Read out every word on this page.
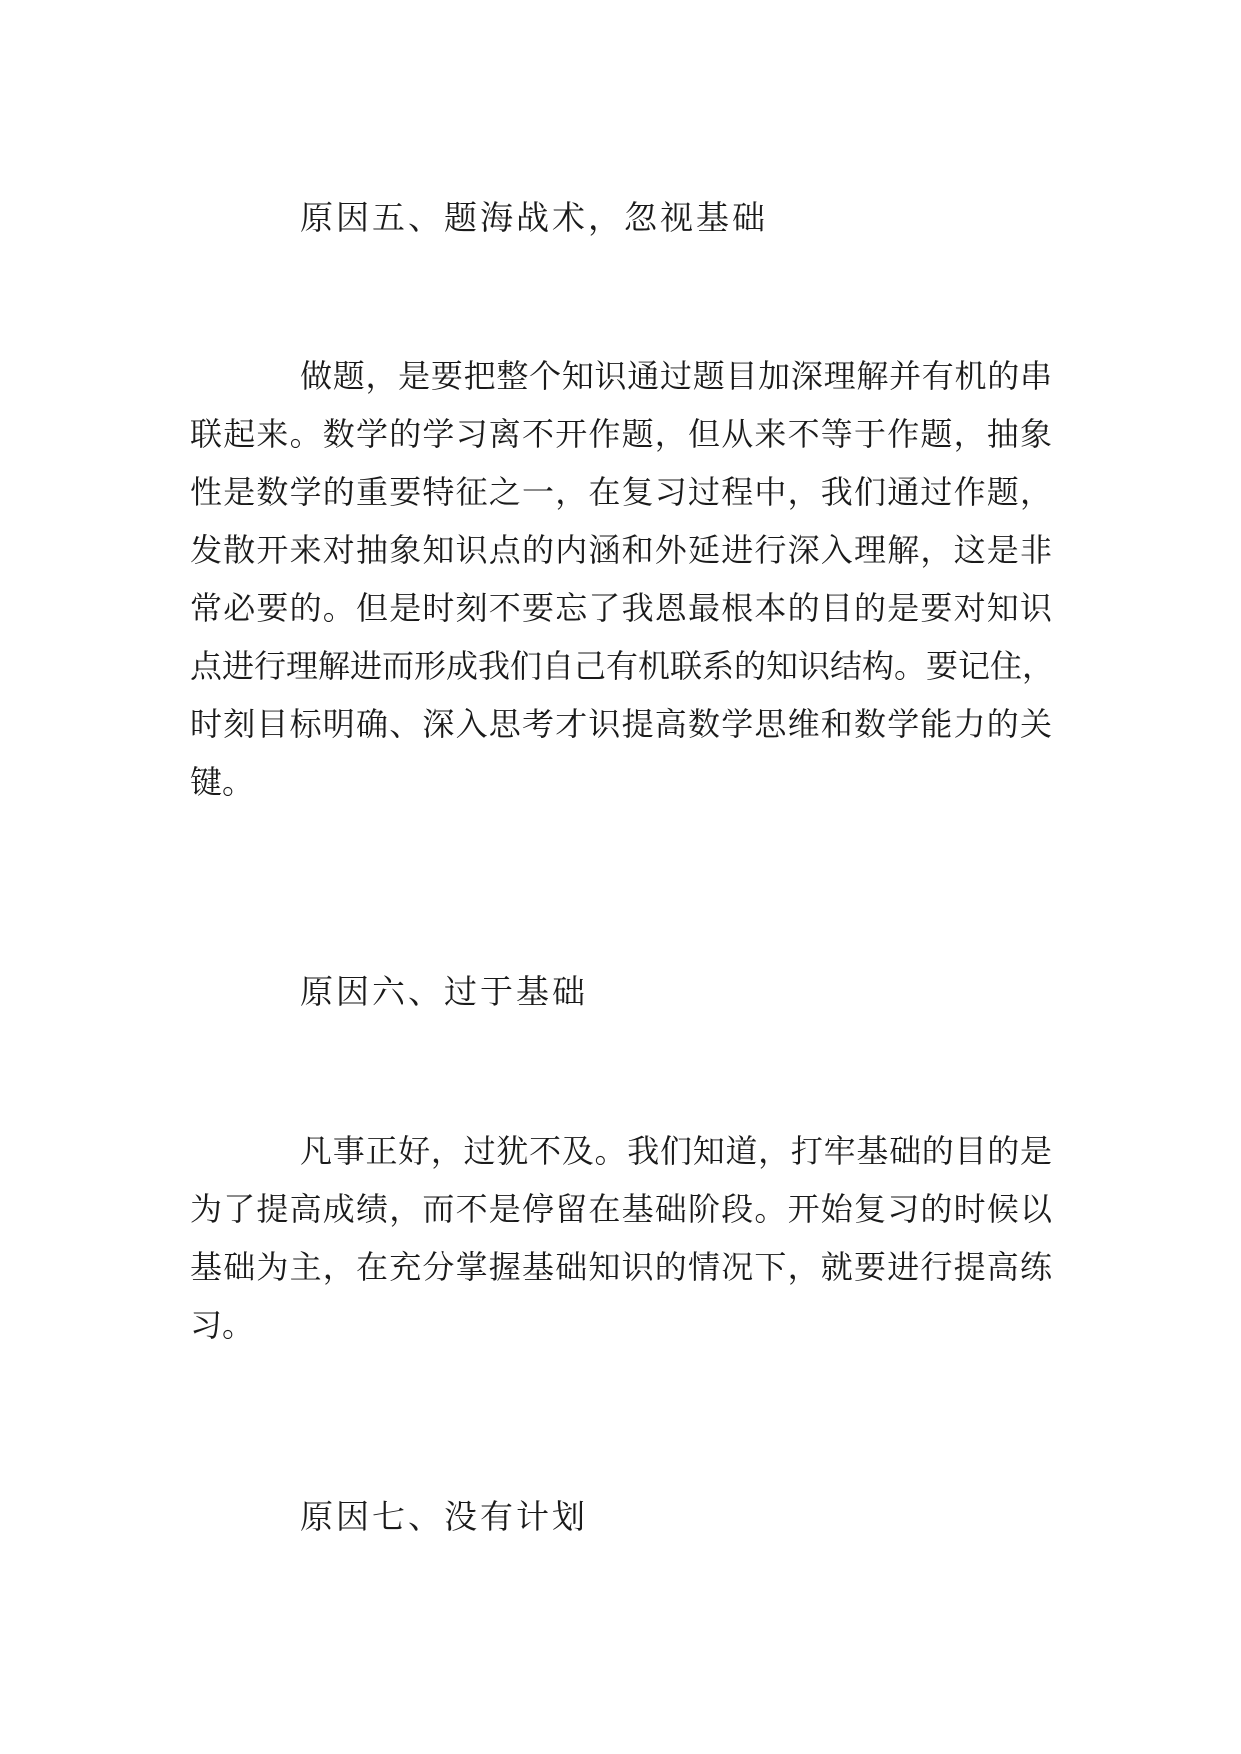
原因五、题海战术，忽视基础
做题，是要把整个知识通过题目加深理解并有机的串
联起来。数学的学习离不开作题，但从来不等于作题，抽象
性是数学的重要特征之一，在复习过程中，我们通过作题，
发散开来对抽象知识点的内涵和外延进行深入理解，这是非
常必要的。但是时刻不要忘了我恩最根本的目的是要对知识
点进行理解进而形成我们自己有机联系的知识结构。要记住，
时刻目标明确、深入思考才识提高数学思维和数学能力的关
键。
原因六、过于基础
凡事正好，过犹不及。我们知道，打牢基础的目的是
为了提高成绩，而不是停留在基础阶段。开始复习的时候以
基础为主，在充分掌握基础知识的情况下，就要进行提高练
习。
原因七、没有计划
